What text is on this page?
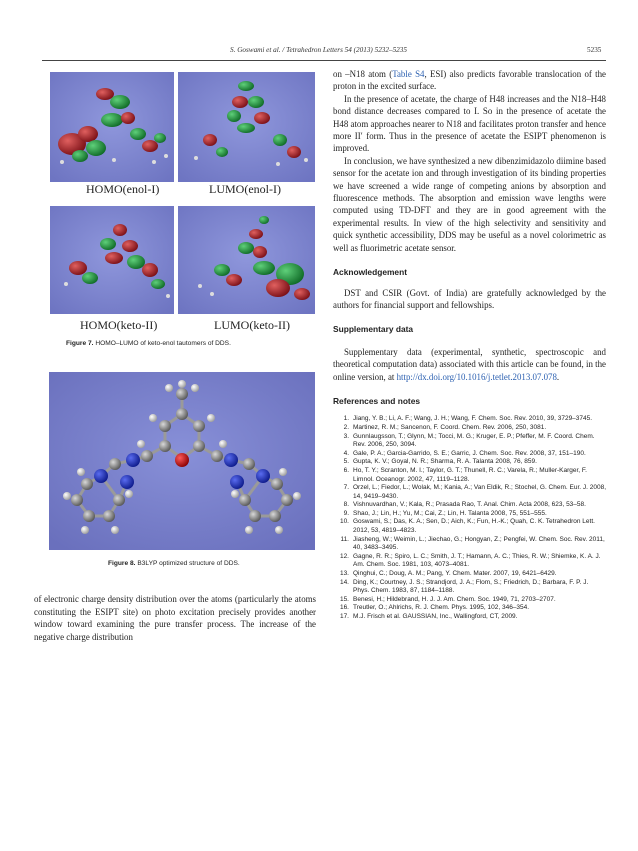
S. Goswami et al. / Tetrahedron Letters 54 (2013) 5232–5235	5235
HOMO(enol-I)	LUMO(enol-I)
HOMO(keto-II)	LUMO(keto-II)
Figure 7. HOMO–LUMO of keto-enol tautomers of DDS.
Figure 8. B3LYP optimized structure of DDS.

of electronic charge density distribution over the atoms (particularly the atoms constituting the ESIPT site) on photo excitation precisely provides another window toward examining the pure transfer process. The increase of the negative charge distribution

on –N18 atom (Table S4, ESI) also predicts favorable translocation of the proton in the excited surface.

In the presence of acetate, the charge of H48 increases and the N18–H48 bond distance decreases compared to I. So in the presence of acetate the H48 atom approaches nearer to N18 and facilitates proton transfer and hence more II′ form. Thus in the presence of acetate the ESIPT phenomenon is improved.

In conclusion, we have synthesized a new dibenzimidazolo diimine based sensor for the acetate ion and through investigation of its binding properties we have screened a wide range of competing anions by absorption and fluorescence methods. The absorption and emission wave lengths were computed using TD-DFT and they are in good agreement with the experimental results. In view of the high selectivity and sensitivity and quick synthetic accessibility, DDS may be useful as a novel colorimetric as well as fluorimetric acetate sensor.

Acknowledgement

DST and CSIR (Govt. of India) are gratefully acknowledged by the authors for financial support and fellowships.

Supplementary data

Supplementary data (experimental, synthetic, spectroscopic and theoretical computation data) associated with this article can be found, in the online version, at http://dx.doi.org/10.1016/j.tetlet.2013.07.078.

References and notes

1. Jiang, Y. B.; Li, A. F.; Wang, J. H.; Wang, F. Chem. Soc. Rev. 2010, 39, 3729–3745.
2. Martinez, R. M.; Sancenon, F. Coord. Chem. Rev. 2006, 250, 3081.
3. Gunnlaugsson, T.; Glynn, M.; Tocci, M. G.; Kruger, E. P.; Pfeffer, M. F. Coord. Chem. Rev. 2006, 250, 3094.
4. Gale, P. A.; Garcia-Garrido, S. E.; Garric, J. Chem. Soc. Rev. 2008, 37, 151–190.
5. Gupta, K. V.; Goyal, N. R.; Sharma, R. A. Talanta 2008, 76, 859.
6. Ho, T. Y.; Scranton, M. I.; Taylor, G. T.; Thunell, R. C.; Varela, R.; Muller-Karger, F. Limnol. Oceanogr. 2002, 47, 1119–1128.
7. Orzel, L.; Fiedor, L.; Wolak, M.; Kania, A.; Van Eldik, R.; Stochel, G. Chem. Eur. J. 2008, 14, 9419–9430.
8. Vishnuvardhan, V.; Kala, R.; Prasada Rao, T. Anal. Chim. Acta 2008, 623, 53–58.
9. Shao, J.; Lin, H.; Yu, M.; Cai, Z.; Lin, H. Talanta 2008, 75, 551–555.
10. Goswami, S.; Das, K. A.; Sen, D.; Aich, K.; Fun, H.-K.; Quah, C. K. Tetrahedron Lett. 2012, 53, 4819–4823.
11. Jiasheng, W.; Weimin, L.; Jiechao, G.; Hongyan, Z.; Pengfei, W. Chem. Soc. Rev. 2011, 40, 3483–3495.
12. Gagne, R. R.; Spiro, L. C.; Smith, J. T.; Hamann, A. C.; Thies, R. W.; Shiemke, K. A. J. Am. Chem. Soc. 1981, 103, 4073–4081.
13. Qinghui, C.; Doug, A. M.; Pang, Y. Chem. Mater. 2007, 19, 6421–6429.
14. Ding, K.; Courtney, J. S.; Strandjord, J. A.; Flom, S.; Friedrich, D.; Barbara, F. P. J. Phys. Chem. 1983, 87, 1184–1188.
15. Benesi, H.; Hildebrand, H. J. J. Am. Chem. Soc. 1949, 71, 2703–2707.
16. Treutler, O.; Ahlrichs, R. J. Chem. Phys. 1995, 102, 346–354.
17. M.J. Frisch et al. GAUSSIAN, Inc., Wallingford, CT, 2009.
